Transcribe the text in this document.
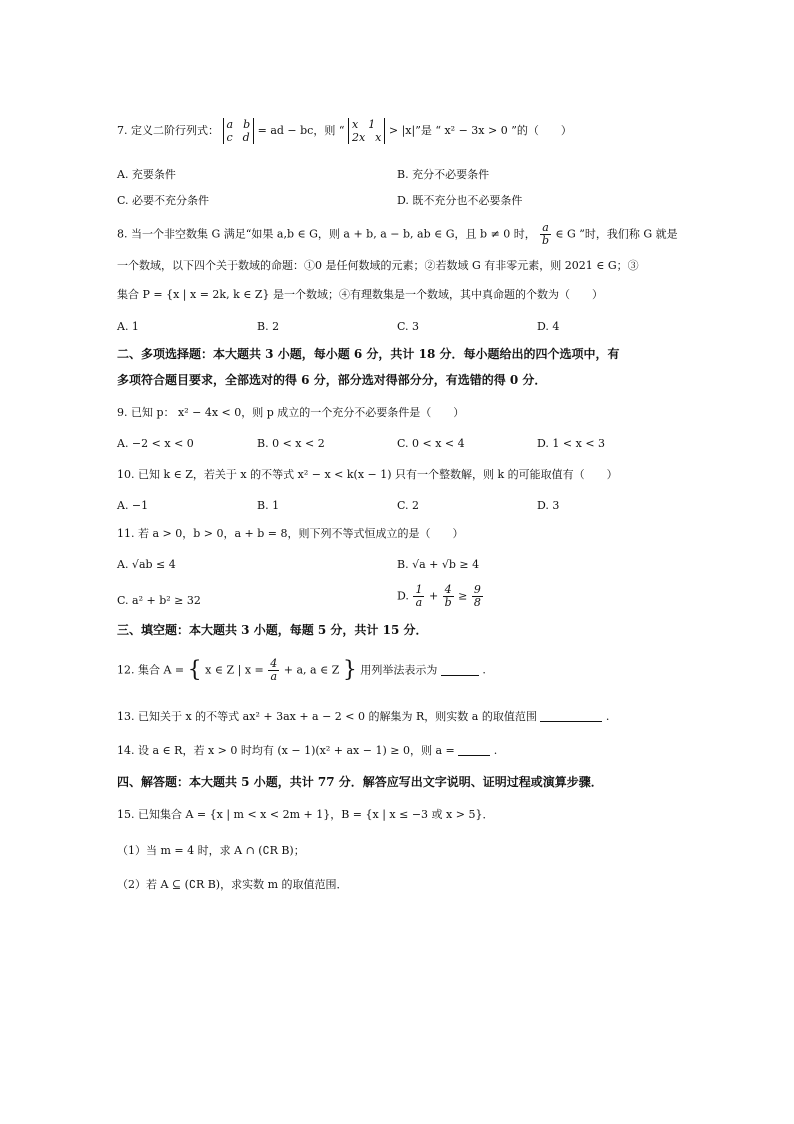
7. 定义二阶行列式： a b
c d
= ad − bc，则 “ x 1
2x x
> |x|”是 “ x² − 3x > 0 ”的（　　）
A. 充要条件	B. 充分不必要条件
C. 必要不充分条件	D. 既不充分也不必要条件
8. 当一个非空数集 G 满足“如果 a,b ∈ G，则 a + b, a − b, ab ∈ G，且 b ≠ 0 时， $\frac{a}{b}$ ∈ G ”时，我们称 G 就是
一个数域，以下四个关于数域的命题：①0 是任何数域的元素；②若数域 G 有非零元素，则 2021 ∈ G；③
集合 P = {x | x = 2k, k ∈ Z} 是一个数域；④有理数集是一个数域，其中真命题的个数为（　　）
A. 1	B. 2	C. 3	D. 4
二、多项选择题：本大题共 3 小题，每小题 6 分，共计 18 分．每小题给出的四个选项中，有
多项符合题目要求，全部选对的得 6 分，部分选对得部分分，有选错的得 0 分．
9. 已知 p： x² − 4x < 0，则 p 成立的一个充分不必要条件是（　　）
A. −2 < x < 0	B. 0 < x < 2	C. 0 < x < 4	D. 1 < x < 3
10. 已知 k ∈ Z，若关于 x 的不等式 x² − x < k(x − 1) 只有一个整数解，则 k 的可能取值有（　　）
A. −1	B. 1	C. 2	D. 3
11. 若 a > 0，b > 0，a + b = 8，则下列不等式恒成立的是（　　）
A. √ab ≤ 4	B. √a + √b ≥ 4
C. a² + b² ≥ 32	D. $\frac{1}{a} + \frac{4}{b} \ge \frac{9}{8}$
三、填空题：本大题共 3 小题，每题 5 分，共计 15 分．
12. 集合 A = { x ∈ Z | $x = \frac{4}{a} + a$, a ∈ Z } 用列举法表示为	.
13. 已知关于 x 的不等式 ax² + 3ax + a − 2 < 0 的解集为 R，则实数 a 的取值范围	.
14. 设 a ∈ R，若 x > 0 时均有 (x − 1)(x² + ax − 1) ≥ 0，则 a =	.
四、解答题：本大题共 5 小题，共计 77 分．解答应写出文字说明、证明过程或演算步骤．
15. 已知集合 A = {x | m < x < 2m + 1}，B = {x | x ≤ −3 或 x > 5}．
（1）当 m = 4 时，求 A ∩ (∁R B)；
（2）若 A ⊆ (∁R B)，求实数 m 的取值范围．
